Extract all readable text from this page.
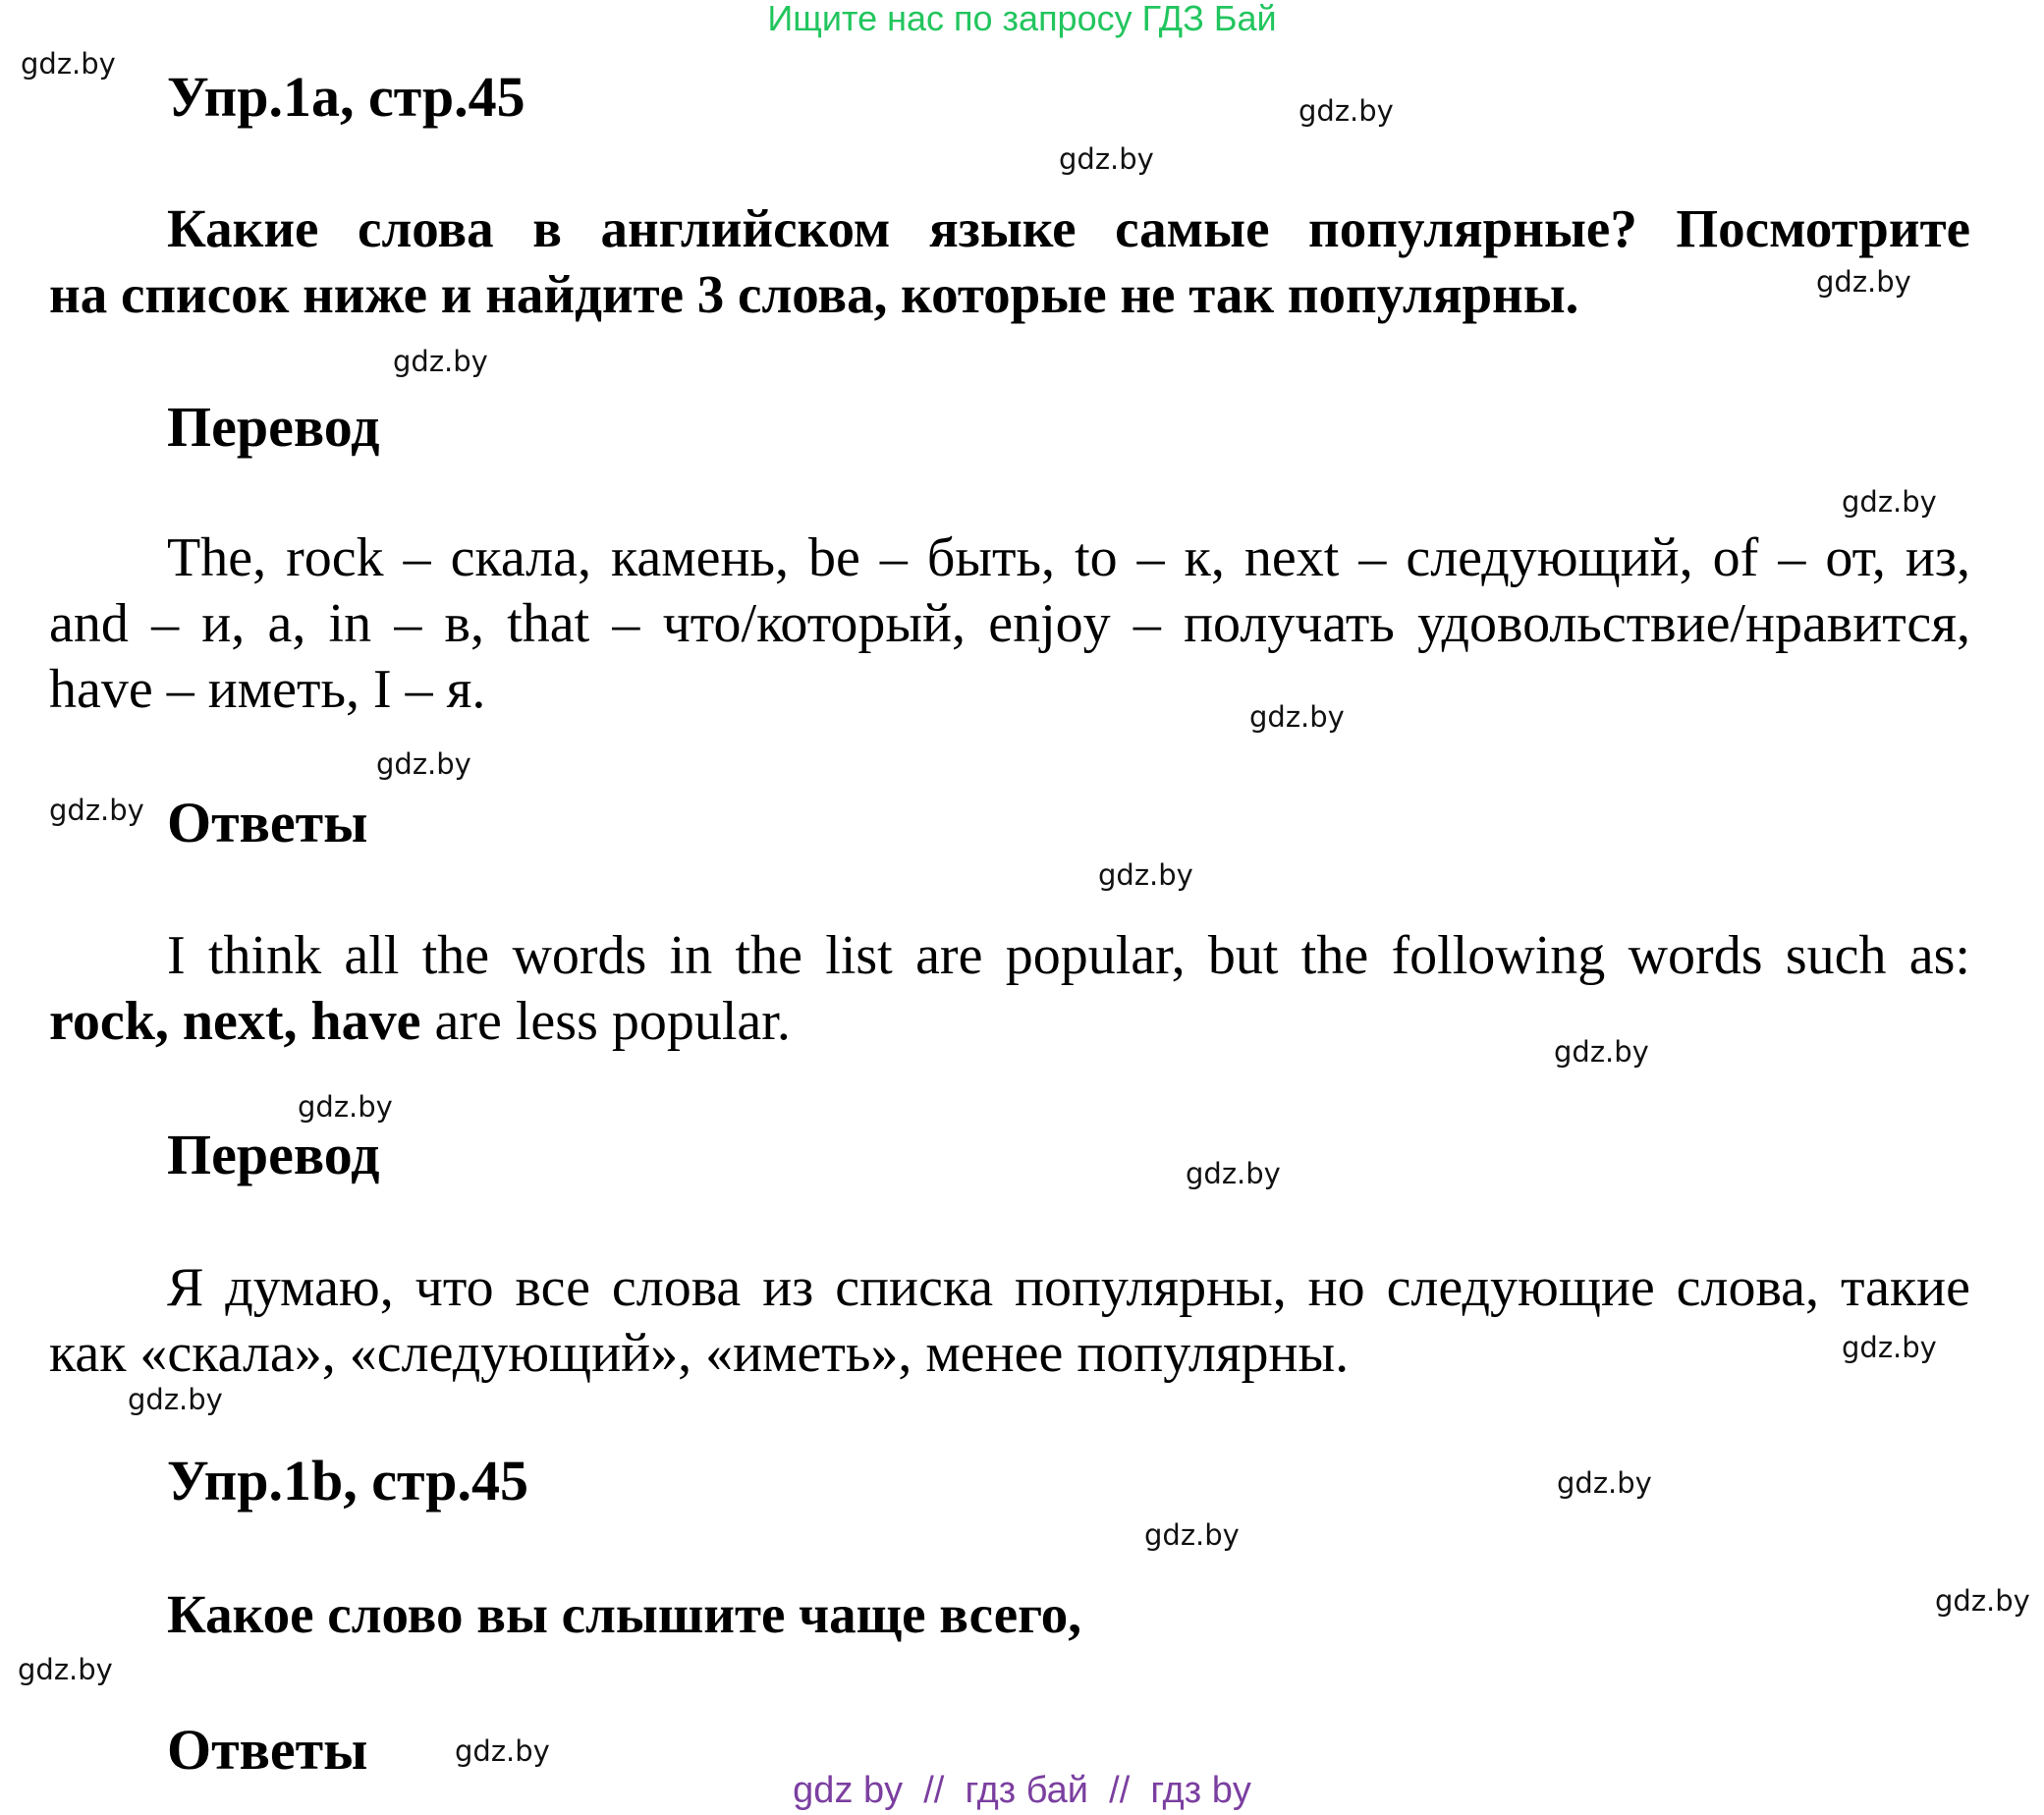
Ищите нас по запросу ГДЗ Бай
gdz.by
gdz.by
gdz.by
gdz.by
gdz.by
gdz.by
gdz.by
gdz.by
gdz.by
gdz.by
gdz.by
gdz.by
gdz.by
gdz.by
gdz.by
gdz.by
gdz.by
gdz.by
gdz.by
gdz.by
Упр.1a, стр.45
Какие слова в английском языке самые популярные? Посмотрите
на список ниже и найдите 3 слова, которые не так популярны.
Перевод
The, rock – скала, камень, be – быть, to – к, next – следующий, of – от, из,
and – и, а, in – в, that – что/который, enjoy – получать удовольствие/нравится,
have – иметь, I – я.
Ответы
I think all the words in the list are popular, but the following words such as:
rock, next, have are less popular.
Перевод
Я думаю, что все слова из списка популярны, но следующие слова, такие
как «скала», «следующий», «иметь», менее популярны.
Упр.1b, стр.45
Какое слово вы слышите чаще всего,
Ответы
gdz by  //  гдз бай  //  гдз by
